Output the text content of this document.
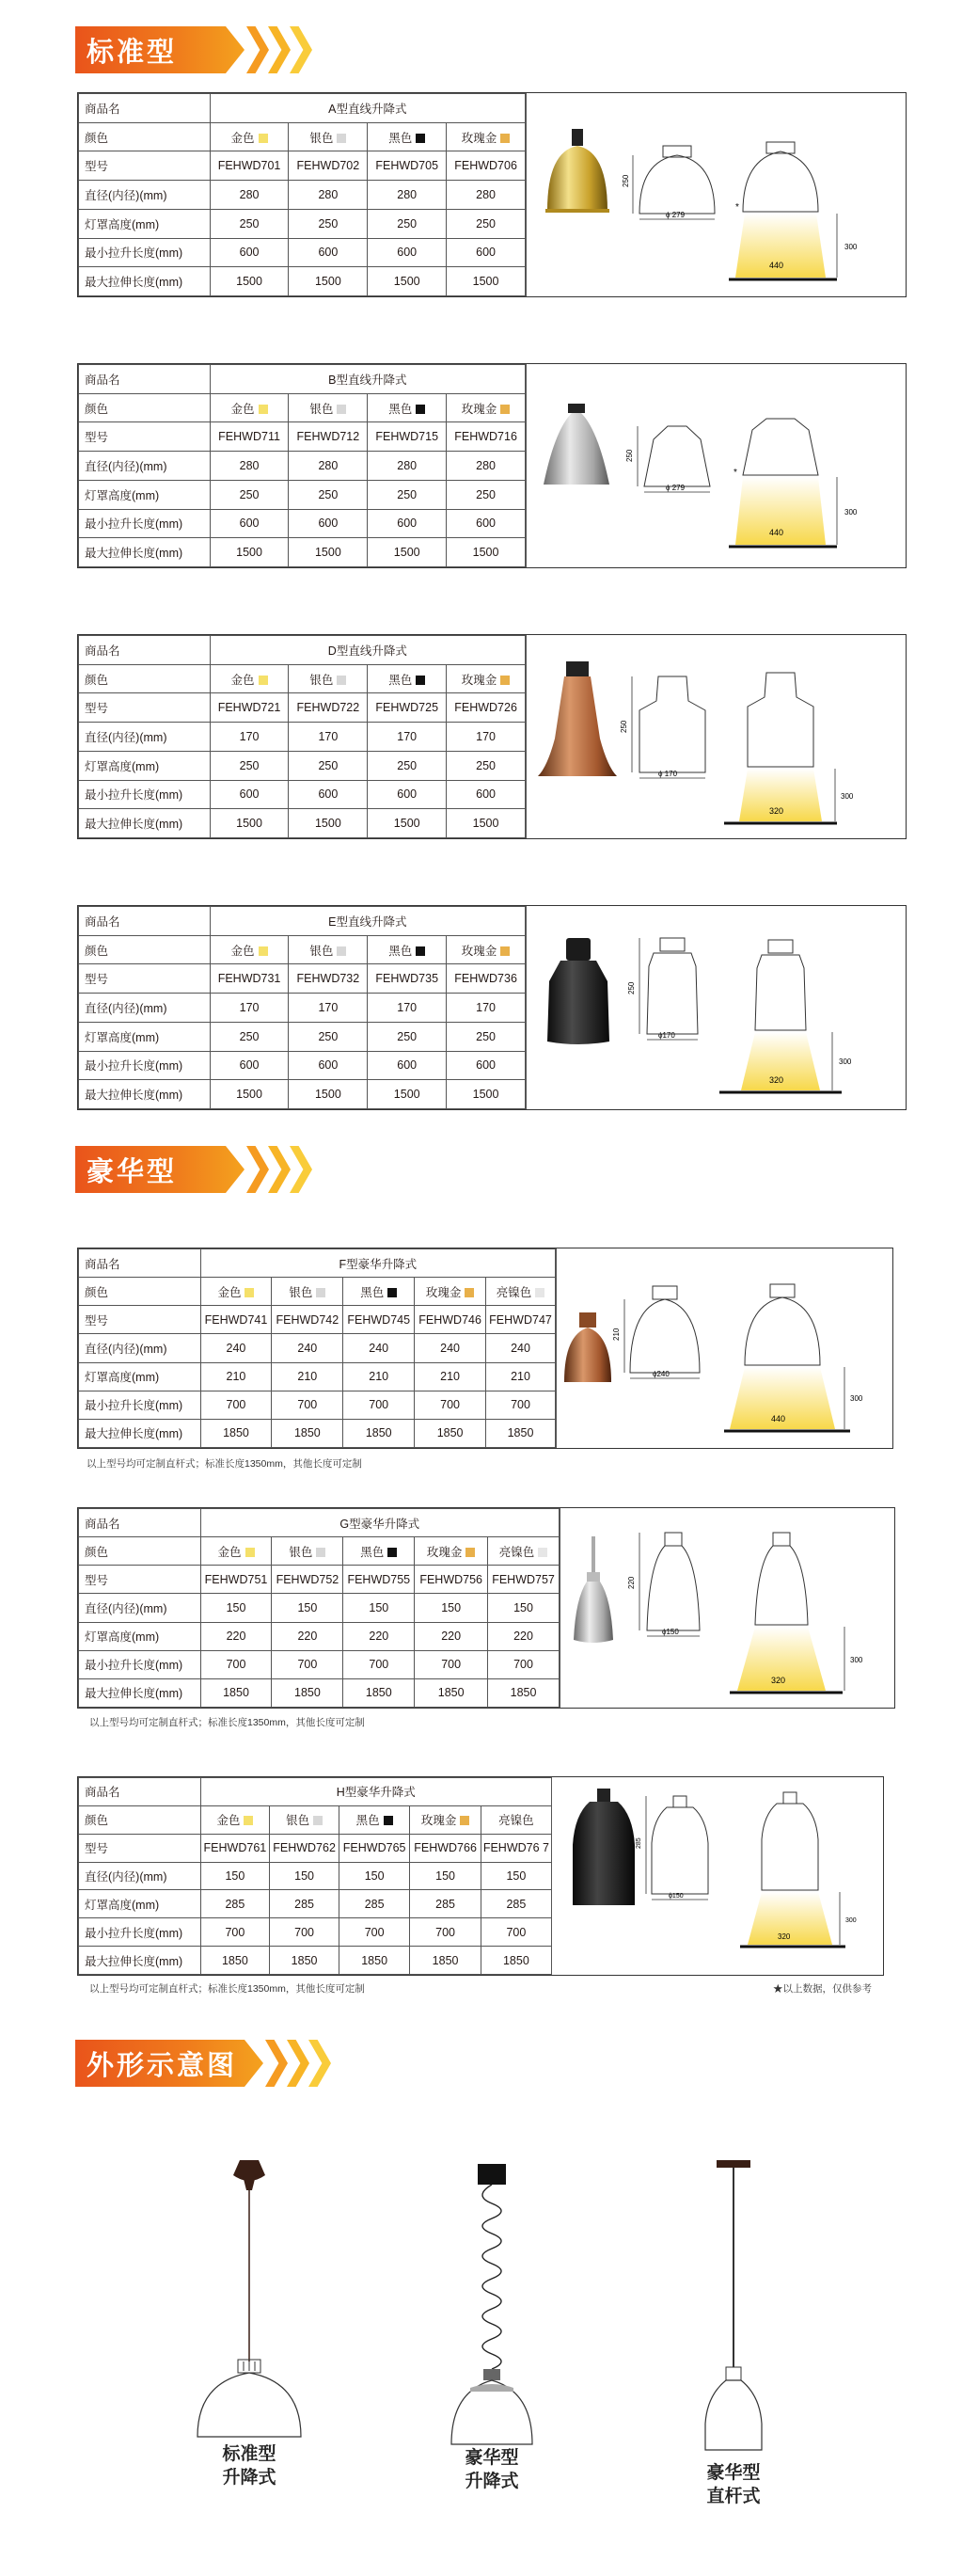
标准型
豪华型
外形示意图
商品名	A型直线升降式			
颜色	金色	银色	黑色	玫瑰金
型号	FEHWD701	FEHWD702	FEHWD705	FEHWD706
直径(内径)(mm)	280	280	280	280
灯罩高度(mm)	250	250	250	250
最小拉升长度(mm)	600	600	600	600
最大拉伸长度(mm)	1500	1500	1500	1500
250
ϕ 279
440
300
*
商品名	B型直线升降式			
颜色	金色	银色	黑色	玫瑰金
型号	FEHWD711	FEHWD712	FEHWD715	FEHWD716
直径(内径)(mm)	280	280	280	280
灯罩高度(mm)	250	250	250	250
最小拉升长度(mm)	600	600	600	600
最大拉伸长度(mm)	1500	1500	1500	1500
250
ϕ 279
440
300
*
商品名	D型直线升降式			
颜色	金色	银色	黑色	玫瑰金
型号	FEHWD721	FEHWD722	FEHWD725	FEHWD726
直径(内径)(mm)	170	170	170	170
灯罩高度(mm)	250	250	250	250
最小拉升长度(mm)	600	600	600	600
最大拉伸长度(mm)	1500	1500	1500	1500
250
ϕ 170
320
300
商品名	E型直线升降式			
颜色	金色	银色	黑色	玫瑰金
型号	FEHWD731	FEHWD732	FEHWD735	FEHWD736
直径(内径)(mm)	170	170	170	170
灯罩高度(mm)	250	250	250	250
最小拉升长度(mm)	600	600	600	600
最大拉伸长度(mm)	1500	1500	1500	1500
250
ϕ170
320
300
商品名	F型豪华升降式				
颜色	金色	银色	黑色	玫瑰金	亮镍色
型号	FEHWD741	FEHWD742	FEHWD745	FEHWD746	FEHWD747
直径(内径)(mm)	240	240	240	240	240
灯罩高度(mm)	210	210	210	210	210
最小拉升长度(mm)	700	700	700	700	700
最大拉伸长度(mm)	1850	1850	1850	1850	1850
210
ϕ240
440
300
以上型号均可定制直杆式；标准长度1350mm，其他长度可定制
商品名	G型豪华升降式				
颜色	金色	银色	黑色	玫瑰金	亮镍色
型号	FEHWD751	FEHWD752	FEHWD755	FEHWD756	FEHWD757
直径(内径)(mm)	150	150	150	150	150
灯罩高度(mm)	220	220	220	220	220
最小拉升长度(mm)	700	700	700	700	700
最大拉伸长度(mm)	1850	1850	1850	1850	1850
220
ϕ150
320
300
以上型号均可定制直杆式；标准长度1350mm，其他长度可定制
商品名	H型豪华升降式				
颜色	金色	银色	黑色	玫瑰金	亮镍色
型号	FEHWD761	FEHWD762	FEHWD765	FEHWD766	FEHWD76 7
直径(内径)(mm)	150	150	150	150	150
灯罩高度(mm)	285	285	285	285	285
最小拉升长度(mm)	700	700	700	700	700
最大拉伸长度(mm)	1850	1850	1850	1850	1850
285
ϕ150
320
300
以上型号均可定制直杆式；标准长度1350mm，其他长度可定制	★以上数据，仅供参考
标准型
升降式
豪华型
升降式	豪华型
直杆式
